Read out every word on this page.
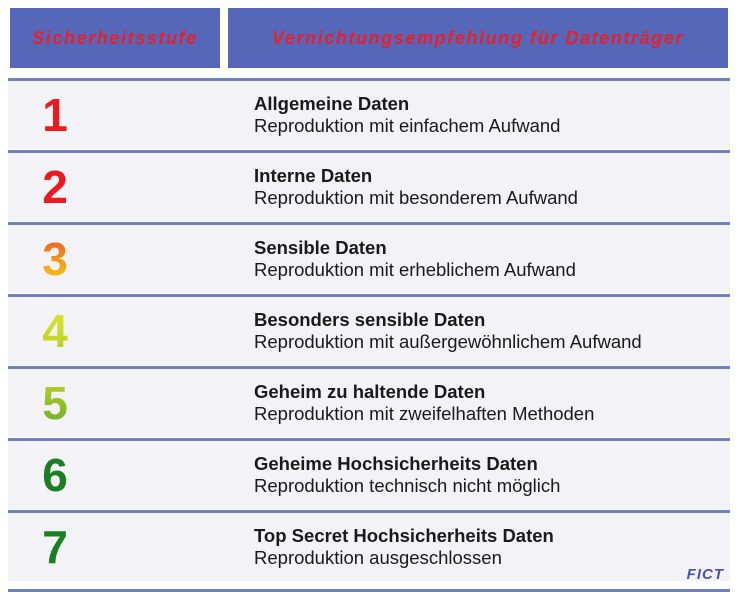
Sicherheitsstufe	Vernichtungsempfehlung für Datenträger
1	Allgemeine Daten
Reproduktion mit einfachem Aufwand
2	Interne Daten
Reproduktion mit besonderem Aufwand
3	Sensible Daten
Reproduktion mit erheblichem Aufwand
4	Besonders sensible Daten
Reproduktion mit außergewöhnlichem Aufwand
5	Geheim zu haltende Daten
Reproduktion mit zweifelhaften Methoden
6	Geheime Hochsicherheits Daten
Reproduktion technisch nicht möglich
7	Top Secret Hochsicherheits Daten
Reproduktion ausgeschlossen
FICT
